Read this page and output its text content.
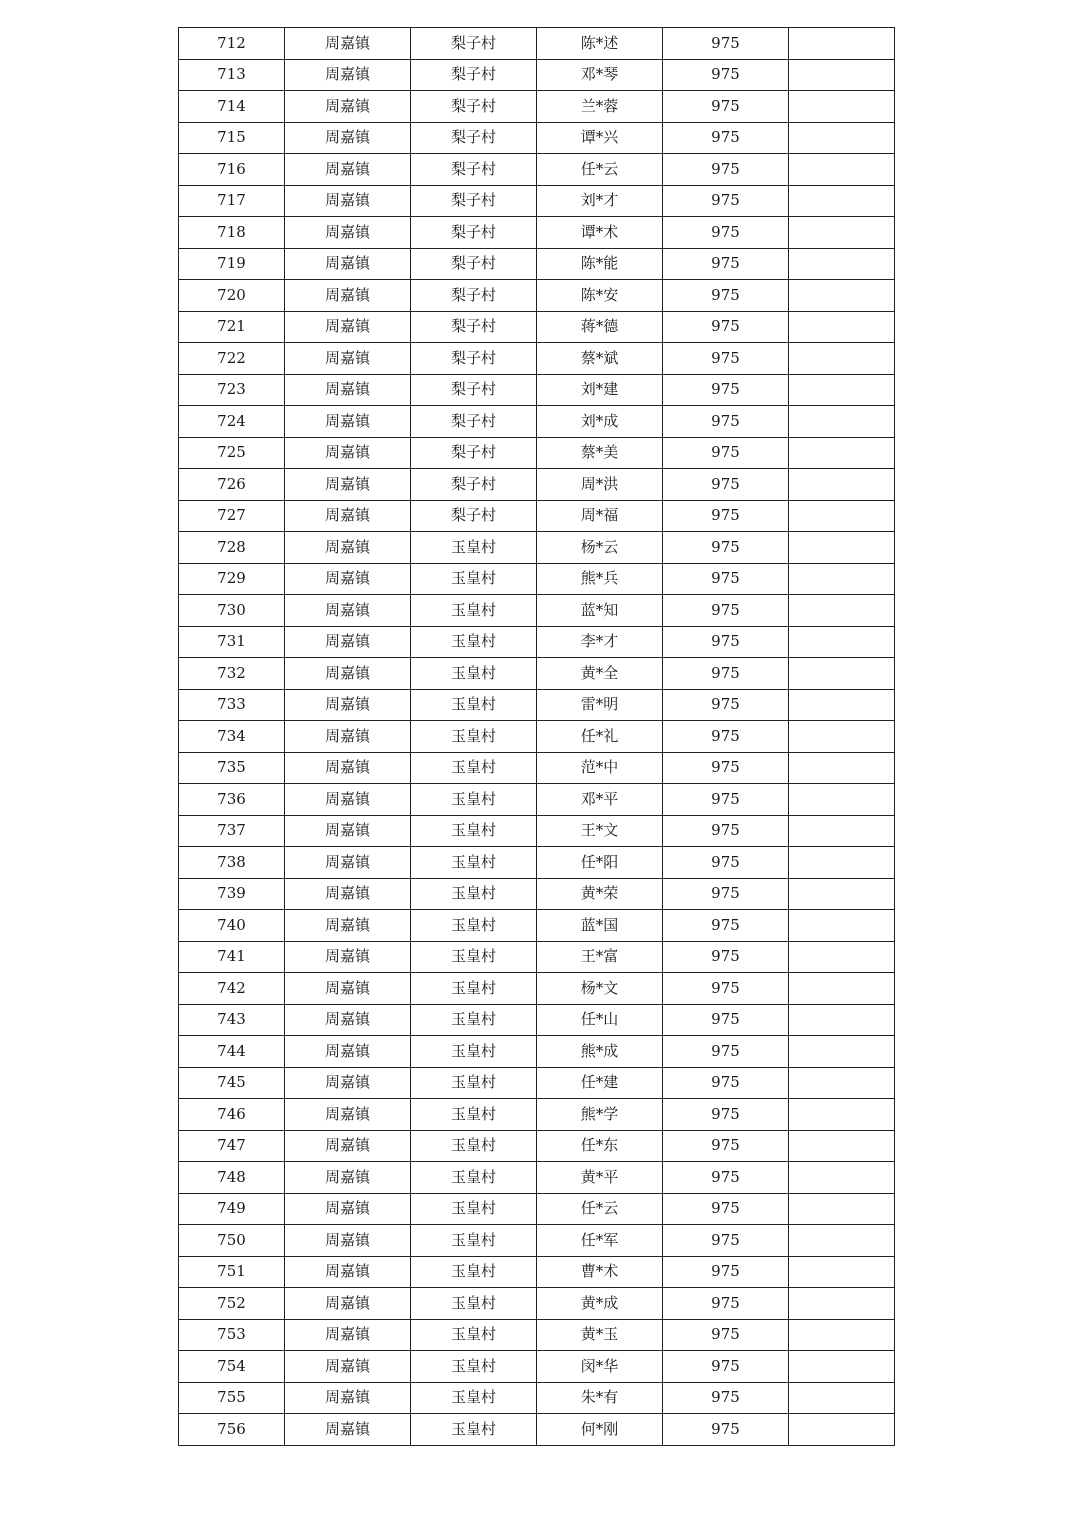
712	周嘉镇	梨子村	陈*述	975	
713	周嘉镇	梨子村	邓*琴	975	
714	周嘉镇	梨子村	兰*蓉	975	
715	周嘉镇	梨子村	谭*兴	975	
716	周嘉镇	梨子村	任*云	975	
717	周嘉镇	梨子村	刘*才	975	
718	周嘉镇	梨子村	谭*术	975	
719	周嘉镇	梨子村	陈*能	975	
720	周嘉镇	梨子村	陈*安	975	
721	周嘉镇	梨子村	蒋*德	975	
722	周嘉镇	梨子村	蔡*斌	975	
723	周嘉镇	梨子村	刘*建	975	
724	周嘉镇	梨子村	刘*成	975	
725	周嘉镇	梨子村	蔡*美	975	
726	周嘉镇	梨子村	周*洪	975	
727	周嘉镇	梨子村	周*福	975	
728	周嘉镇	玉皇村	杨*云	975	
729	周嘉镇	玉皇村	熊*兵	975	
730	周嘉镇	玉皇村	蓝*知	975	
731	周嘉镇	玉皇村	李*才	975	
732	周嘉镇	玉皇村	黄*全	975	
733	周嘉镇	玉皇村	雷*明	975	
734	周嘉镇	玉皇村	任*礼	975	
735	周嘉镇	玉皇村	范*中	975	
736	周嘉镇	玉皇村	邓*平	975	
737	周嘉镇	玉皇村	王*文	975	
738	周嘉镇	玉皇村	任*阳	975	
739	周嘉镇	玉皇村	黄*荣	975	
740	周嘉镇	玉皇村	蓝*国	975	
741	周嘉镇	玉皇村	王*富	975	
742	周嘉镇	玉皇村	杨*文	975	
743	周嘉镇	玉皇村	任*山	975	
744	周嘉镇	玉皇村	熊*成	975	
745	周嘉镇	玉皇村	任*建	975	
746	周嘉镇	玉皇村	熊*学	975	
747	周嘉镇	玉皇村	任*东	975	
748	周嘉镇	玉皇村	黄*平	975	
749	周嘉镇	玉皇村	任*云	975	
750	周嘉镇	玉皇村	任*军	975	
751	周嘉镇	玉皇村	曹*术	975	
752	周嘉镇	玉皇村	黄*成	975	
753	周嘉镇	玉皇村	黄*玉	975	
754	周嘉镇	玉皇村	闵*华	975	
755	周嘉镇	玉皇村	朱*有	975	
756	周嘉镇	玉皇村	何*刚	975	
